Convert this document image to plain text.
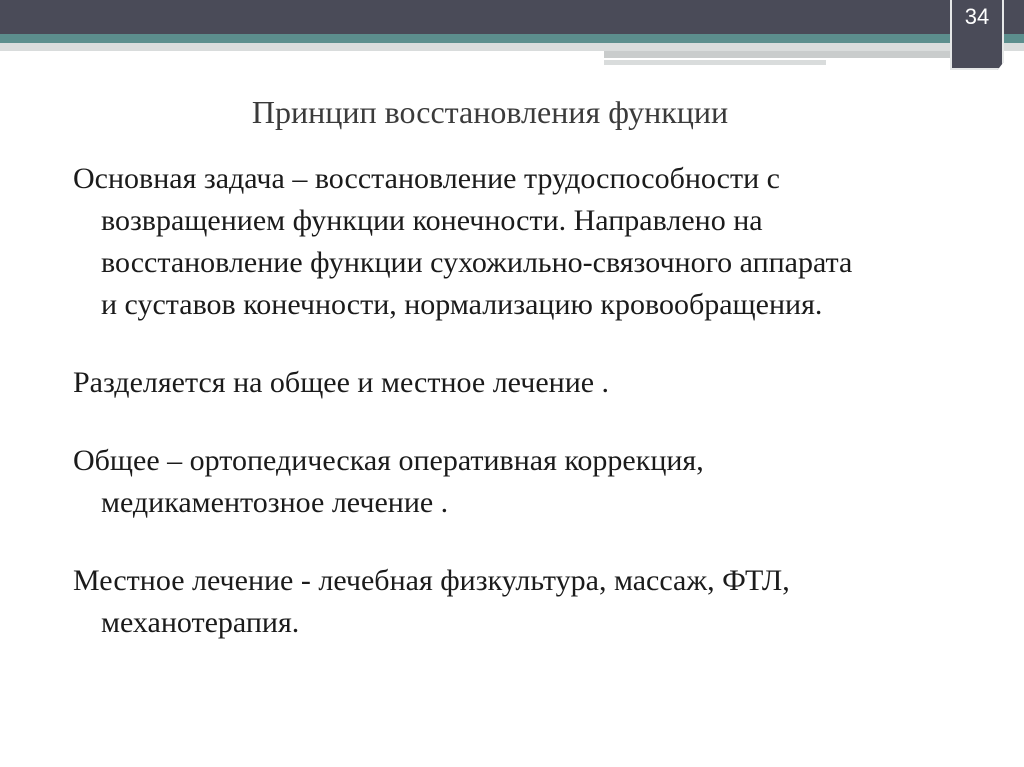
34
Принцип восстановления функции

Основная задача – восстановление трудоспособности с
возвращением функции конечности. Направлено на
восстановление функции сухожильно-связочного аппарата
и суставов конечности, нормализацию кровообращения.

Разделяется на общее и местное лечение .

Общее – ортопедическая оперативная коррекция,
медикаментозное лечение .

Местное лечение - лечебная физкультура, массаж, ФТЛ,
механотерапия.
